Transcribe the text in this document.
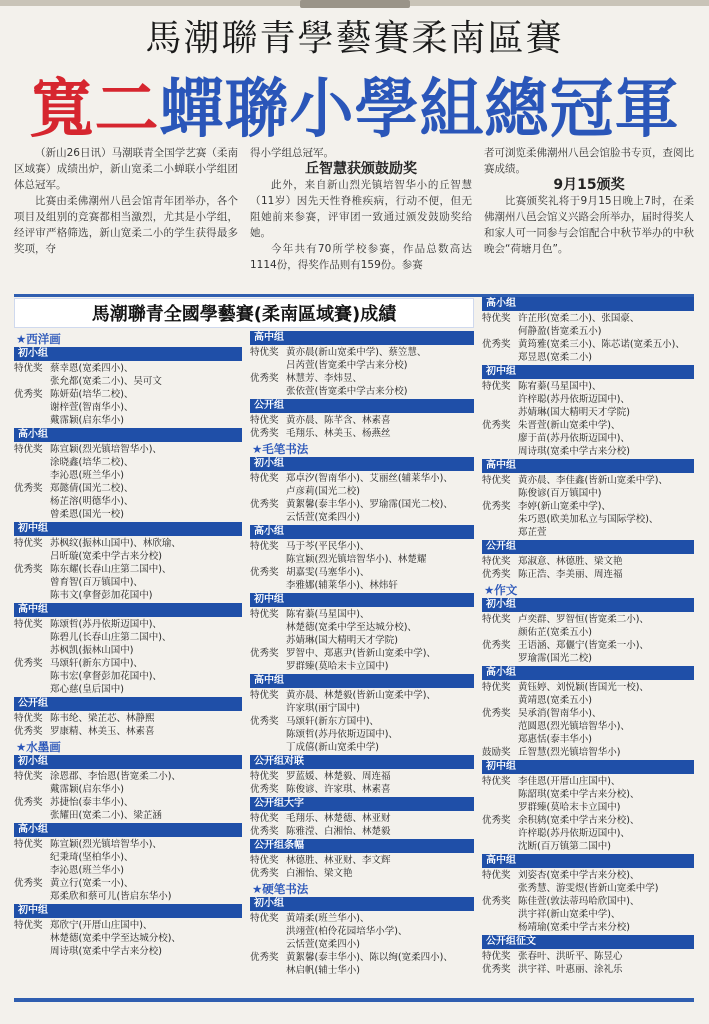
馬潮聯青學藝賽柔南區賽
寬二蟬聯小學組總冠軍

（新山26日讯）马潮联青全国学艺赛（柔南区域赛）成绩出炉，新山宽柔二小蝉联小学组团体总冠军。

比赛由柔佛潮州八邑会馆青年团举办，各个项目及组别的竞赛都相当激烈，尤其是小学组，经评审严格筛选，新山宽柔二小的学生获得最多奖项，夺

得小学组总冠军。

丘智慧获颁鼓励奖

此外，来自新山烈光镇培智华小的丘智慧（11岁）因先天性脊椎疾病，行动不便，但无阻她前来参赛，评审团一致通过颁发鼓励奖给她。

今年共有70所学校参赛，作品总数高达1114份，得奖作品则有159份。参赛

者可浏览柔佛潮州八邑会馆脸书专页，查阅比赛成绩。

9月15颁奖

比赛颁奖礼将于9月15日晚上7时，在柔佛潮州八邑会馆义兴路会所举办，届时得奖人和家人可一同参与会馆配合中秋节举办的中秋晚会“荷塘月色”。

馬潮聯青全國學藝賽(柔南區域賽)成績
★西洋画
初小组
特优奖 蔡幸恩(宽柔四小)、
张允都(宽柔二小)、吴可文
优秀奖 陈妍茹(培华二校)、
谢梓萱(智南华小)、
戴霈颖(启东华小)
高小组
特优奖 陈宣颖(烈光镇培智华小)、
涂晓鑫(培华二校)、
李沁恩(班兰华小)
优秀奖 郑懿倩(国光二校)、
杨芷溶(明德华小)、
曾柔恩(国光一校)
初中组
特优奖 苏枫纹(振林山国中)、林欣瑜、
吕昕璇(宽柔中学古来分校)
优秀奖 陈东耀(长春山庄第二国中)、
曾育智(百万镇国中)、
陈韦文(拿督彭加花国中)
高中组
特优奖 陈颂哲(苏丹依斯迈国中)、
陈碧儿(长春山庄第二国中)、
苏枫凯(振林山国中)
优秀奖 马颂轩(新东方国中)、
陈韦宏(拿督彭加花国中)、
郑心慈(皇后国中)
公开组
特优奖 陈韦纶、梁芷芯、林静熙
优秀奖 罗康精、林美玉、林素喜
★水墨画
初小组
特优奖 涂恩郡、李怡恩(皆宽柔二小)、
戴霈颖(启东华小)
优秀奖 苏捷怡(泰丰华小)、
张耀田(宽柔二小)、梁芷涵
高小组
特优奖 陈宣颖(烈光镇培智华小)、
纪秉琦(坚柏华小)、
李沁恩(班兰华小)
优秀奖 黄立行(宽柔一小)、
郑柔欣和蔡可儿(皆启东华小)
初中组
特优奖 郑欣宁(开厝山庄国中)、
林楚德(宽柔中学至达城分校)、
周诗琪(宽柔中学古来分校)
高中组
特优奖 黄亦晨(新山宽柔中学)、蔡笠慧、
吕芮萱(皆宽柔中学古来分校)
优秀奖 林慧芳、李炜昱、
张依萱(皆宽柔中学古来分校)
公开组
特优奖 黄亦晨、陈芊含、林素喜
优秀奖 毛翔乐、林美玉、杨燕丝
★毛笔书法
初小组
特优奖 郑卓汐(智南华小)、艾丽丝(辅莱华小)、
卢彦莉(国光二校)
优秀奖 黄絮馨(泰丰华小)、罗瑜霈(国光二校)、
云恬萱(宽柔四小)
高小组
特优奖 马于芩(平民华小)、
陈宣颖(烈光镇培智华小)、林楚耀
优秀奖 胡嘉雯(马塞华小)、
李雅娜(辅莱华小)、林炜轩
初中组
特优奖 陈宥蓁(马星国中)、
林楚德(宽柔中学至达城分校)、
苏婧琳(国大精明天才学院)
优秀奖 罗智中、郑惠尹(皆新山宽柔中学)、
罗群臻(莫哈末卡立国中)
高中组
特优奖 黄亦晨、林楚毅(皆新山宽柔中学)、
许家琪(丽宁国中)
优秀奖 马颂轩(新东方国中)、
陈颂哲(苏丹依斯迈国中)、
丁成僖(新山宽柔中学)
公开组对联
特优奖 罗蓝媛、林楚毅、周连福
优秀奖 陈俊谚、许家琪、林素喜
公开组大字
特优奖 毛翔乐、林楚德、林亚财
优秀奖 陈雅滢、白湘怡、林楚毅
公开组条幅
特优奖 林德胜、林亚财、李文辉
优秀奖 白湘怡、梁文艳
★硬笔书法
初小组
特优奖 黄靖柔(班兰华小)、
洪翊萱(柏伶花园培华小学)、
云恬萱(宽柔四小)
优秀奖 黄絮馨(泰丰华小)、陈以绚(宽柔四小)、
林启帆(辅士华小)
高小组
特优奖 许芷彤(宽柔二小)、张国豪、
何静盈(皆宽柔五小)
优秀奖 黄筠雅(宽柔三小)、陈芯诺(宽柔五小)、
郑昱恩(宽柔二小)
初中组
特优奖 陈宥蓁(马星国中)、
许梓聪(苏丹依斯迈国中)、
苏婧琳(国大精明天才学院)
优秀奖 朱晋萱(新山宽柔中学)、
廖于苗(苏丹依斯迈国中)、
周诗琪(宽柔中学古来分校)
高中组
特优奖 黄亦晨、李佳鑫(皆新山宽柔中学)、
陈俊谚(百万镇国中)
优秀奖 李婷(新山宽柔中学)、
朱巧恩(欧美加私立与国际学校)、
郑芷萱
公开组
特优奖 郑淑意、林德胜、梁文艳
优秀奖 陈正浩、李美丽、周连福
★作文
初小组
特优奖 卢奕群、罗智恒(皆宽柔二小)、
颜佑芷(宽柔五小)
优秀奖 王语涵、郑儷宁(皆宽柔一小)、
罗瑜霈(国光二校)
高小组
特优奖 黄钰婷、刘悦颖(皆国光一校)、
黄靖恩(宽柔五小)
优秀奖 吴承消(智南华小)、
范圆恩(烈光镇培智华小)、
郑惠恬(泰丰华小)
鼓励奖 丘智慧(烈光镇培智华小)
初中组
特优奖 李佳恩(开厝山庄国中)、
陈韶琪(宽柔中学古来分校)、
罗群臻(莫哈末卡立国中)
优秀奖 余积鸫(宽柔中学古来分校)、
许梓聪(苏丹依斯迈国中)、
沈断(百万镇第二国中)
高中组
特优奖 刘姿杏(宽柔中学古来分校)、
张秀慧、游雯煜(皆新山宽柔中学)
优秀奖 陈佳萱(敦法蒂玛哈欣国中)、
洪宇祥(新山宽柔中学)、
杨靖瑜(宽柔中学古来分校)
公开组征文
特优奖 张春叶、洪昕平、陈昱心
优秀奖 洪宇祥、叶惠丽、涂礼乐
